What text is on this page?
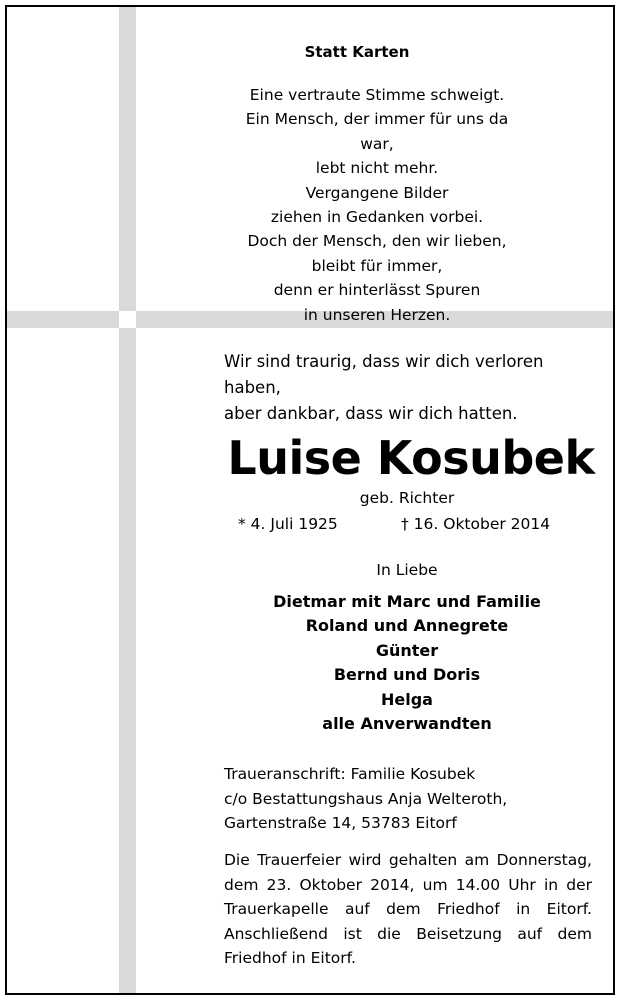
Statt Karten
Eine vertraute Stimme schweigt.
Ein Mensch, der immer für uns da war,
lebt nicht mehr.
Vergangene Bilder
ziehen in Gedanken vorbei.
Doch der Mensch, den wir lieben,
bleibt für immer,
denn er hinterlässt Spuren
in unseren Herzen.
Wir sind traurig, dass wir dich verloren haben,
aber dankbar, dass wir dich hatten.
Luise Kosubek
geb. Richter
* 4. Juli 1925	† 16. Oktober 2014
In Liebe
Dietmar mit Marc und Familie
Roland und Annegrete
Günter
Bernd und Doris
Helga
alle Anverwandten
Traueranschrift: Familie Kosubek
c/o Bestattungshaus Anja Welteroth,
Gartenstraße 14, 53783 Eitorf
Die Trauerfeier wird gehalten am Donnerstag,
dem 23. Oktober 2014, um 14.00 Uhr in der
Trauerkapelle auf dem Friedhof in Eitorf.
Anschließend ist die Beisetzung auf dem
Friedhof in Eitorf.
